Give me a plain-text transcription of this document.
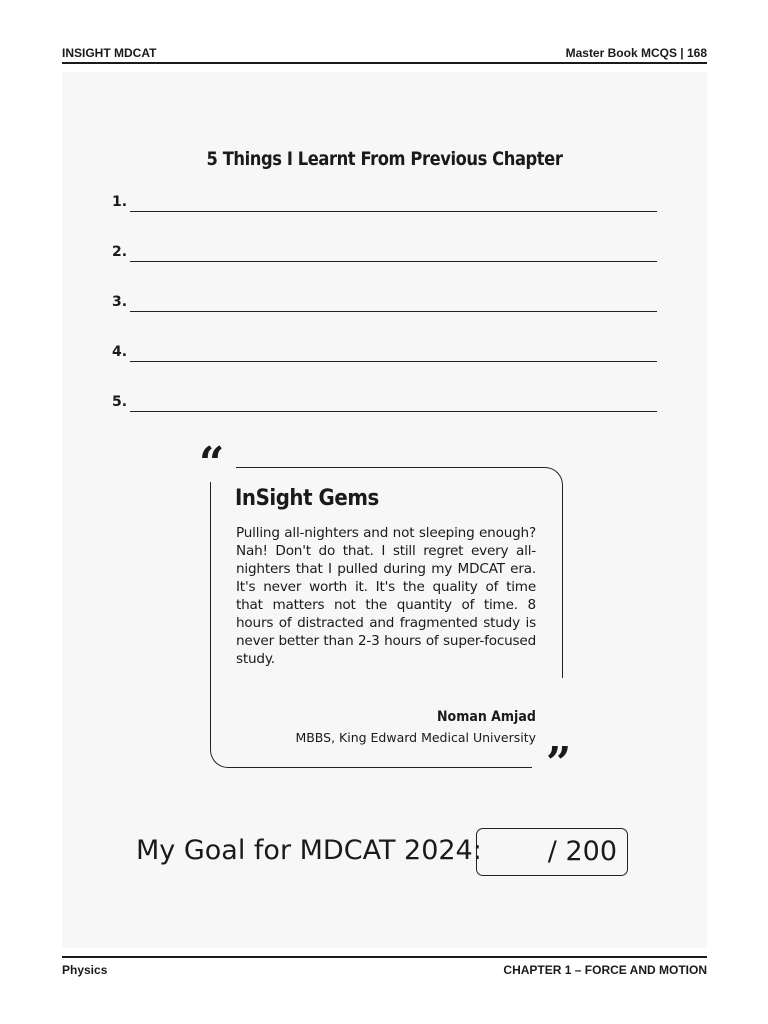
INSIGHT MDCAT	Master Book MCQS | 168
5 Things I Learnt From Previous Chapter
1.
2.
3.
4.
5.
“
”
InSight Gems
Pulling all-nighters and not sleeping enough? Nah! Don't do that. I still regret every all-nighters that I pulled during my MDCAT era. It's never worth it. It's the quality of time that matters not the quantity of time. 8 hours of distracted and fragmented study is never better than 2-3 hours of super-focused study.
Noman Amjad
MBBS, King Edward Medical University
My Goal for MDCAT 2024: / 200
Physics	CHAPTER 1 – FORCE AND MOTION
